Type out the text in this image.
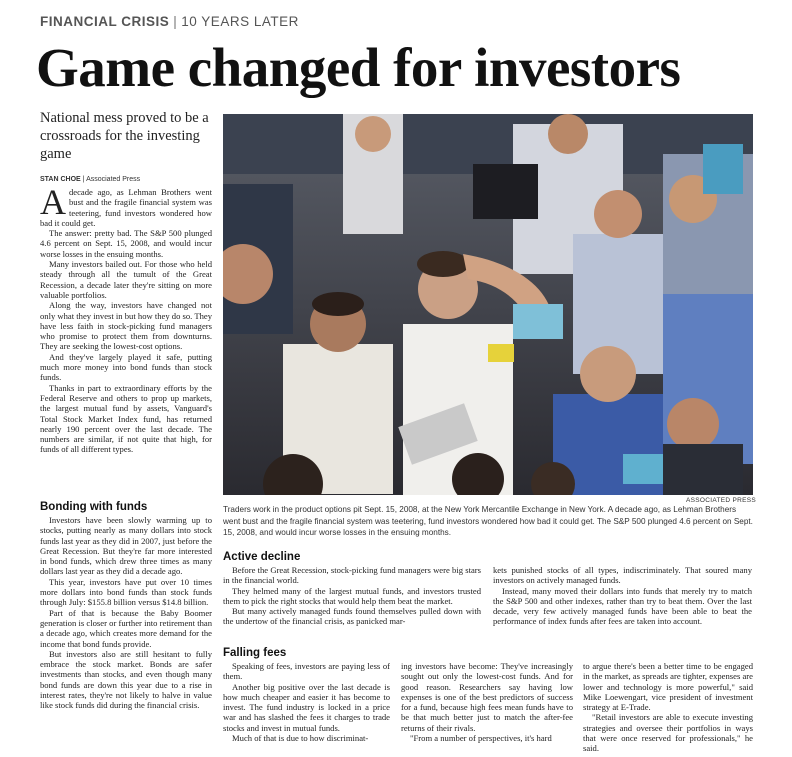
FINANCIAL CRISIS | 10 YEARS LATER
Game changed for investors
National mess proved to be a crossroads for the investing game
STAN CHOE | Associated Press

Adecade ago, as Lehman Brothers went bust and the fragile financial system was teetering, fund investors wondered how bad it could get.

The answer: pretty bad. The S&P 500 plunged 4.6 percent on Sept. 15, 2008, and would incur worse losses in the ensuing months.

Many investors bailed out. For those who held steady through all the tumult of the Great Recession, a decade later they're sitting on more valuable portfolios.

Along the way, investors have changed not only what they invest in but how they do so. They have less faith in stock-picking fund managers who promise to protect them from downturns. They are seeking the lowest-cost options.

And they've largely played it safe, putting much more money into bond funds than stock funds.

Thanks in part to extraordinary efforts by the Federal Reserve and others to prop up markets, the largest mutual fund by assets, Vanguard's Total Stock Market Index fund, has returned nearly 190 percent over the last decade. The numbers are similar, if not quite that high, for funds of all different types.

Bonding with funds

Investors have been slowly warming up to stocks, putting nearly as many dollars into stock funds last year as they did in 2007, just before the Great Recession. But they're far more interested in bond funds, which drew three times as many dollars last year as they did a decade ago.

This year, investors have put over 10 times more dollars into bond funds than stock funds through July: $155.8 billion versus $14.8 billion.

Part of that is because the Baby Boomer generation is closer or further into retirement than a decade ago, which creates more demand for the income that bond funds provide.

But investors also are still hesitant to fully embrace the stock market. Bonds are safer investments than stocks, and even though many bond funds are down this year due to a rise in interest rates, they're not likely to halve in value like stock funds did during the financial crisis.

ASSOCIATED PRESS
Traders work in the product options pit Sept. 15, 2008, at the New York Mercantile Exchange in New York. A decade ago, as Lehman Brothers went bust and the fragile financial system was teetering, fund investors wondered how bad it could get. The S&P 500 plunged 4.6 percent on Sept. 15, 2008, and would incur worse losses in the ensuing months.
Active decline

Before the Great Recession, stock-picking fund managers were big stars in the financial world.

They helmed many of the largest mutual funds, and investors trusted them to pick the right stocks that would help them beat the market.

But many actively managed funds found themselves pulled down with the undertow of the financial crisis, as panicked mar-

kets punished stocks of all types, indiscriminately. That soured many investors on actively managed funds.

Instead, many moved their dollars into funds that merely try to match the S&P 500 and other indexes, rather than try to beat them. Over the last decade, very few actively managed funds have been able to beat the performance of index funds after fees are taken into account.

Falling fees

Speaking of fees, investors are paying less of them.

Another big positive over the last decade is how much cheaper and easier it has become to invest. The fund industry is locked in a price war and has slashed the fees it charges to trade stocks and invest in mutual funds.

Much of that is due to how discriminat-

ing investors have become: They've increasingly sought out only the lowest-cost funds. And for good reason. Researchers say having low expenses is one of the best predictors of success for a fund, because high fees mean funds have to be that much better just to match the after-fee returns of their rivals.

"From a number of perspectives, it's hard

to argue there's been a better time to be engaged in the market, as spreads are tighter, expenses are lower and technology is more powerful," said Mike Loewengart, vice president of investment strategy at E-Trade.

"Retail investors are able to execute investing strategies and oversee their portfolios in ways that were once reserved for professionals," he said.
